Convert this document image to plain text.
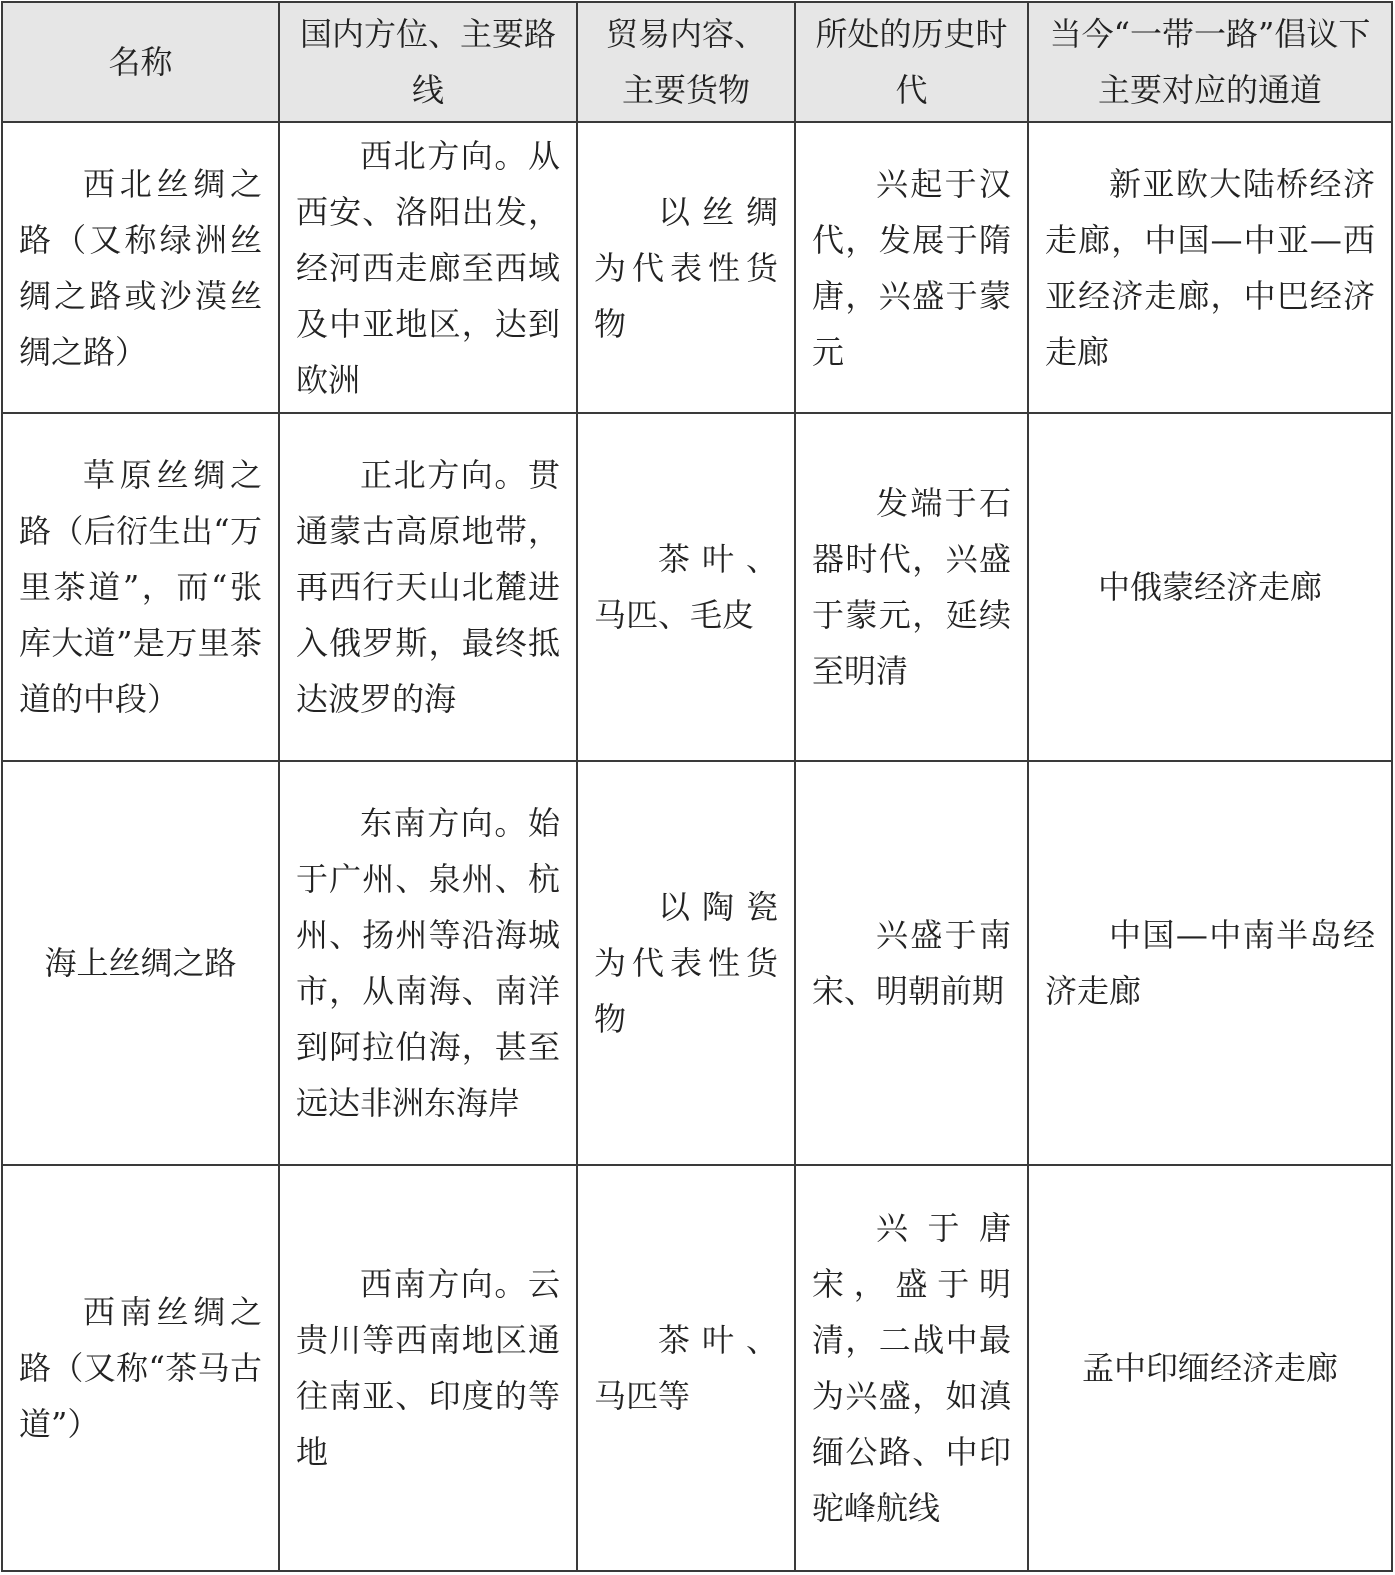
名称	国内方位、主要路线	贸易内容、主要货物	所处的历史时代	当今“一带一路”倡议下主要对应的通道

西北丝绸之路（又称绿洲丝绸之路或沙漠丝绸之路）	西北方向。从西安、洛阳出发，经河西走廊至西域及中亚地区，达到欧洲	以丝绸为代表性货物	兴起于汉代，发展于隋唐，兴盛于蒙元	新亚欧大陆桥经济走廊，中国—中亚—西亚经济走廊，中巴经济走廊

草原丝绸之路（后衍生出“万里茶道”，而“张库大道”是万里茶道的中段）	正北方向。贯通蒙古高原地带，再西行天山北麓进入俄罗斯，最终抵达波罗的海	茶叶、马匹、毛皮	发端于石器时代，兴盛于蒙元，延续至明清	中俄蒙经济走廊

海上丝绸之路	东南方向。始于广州、泉州、杭州、扬州等沿海城市，从南海、南洋到阿拉伯海，甚至远达非洲东海岸	以陶瓷为代表性货物	兴盛于南宋、明朝前期	中国—中南半岛经济走廊

西南丝绸之路（又称“茶马古道”）	西南方向。云贵川等西南地区通往南亚、印度的等地	茶叶、马匹等	兴于唐宋，盛于明清，二战中最为兴盛，如滇缅公路、中印驼峰航线	孟中印缅经济走廊
